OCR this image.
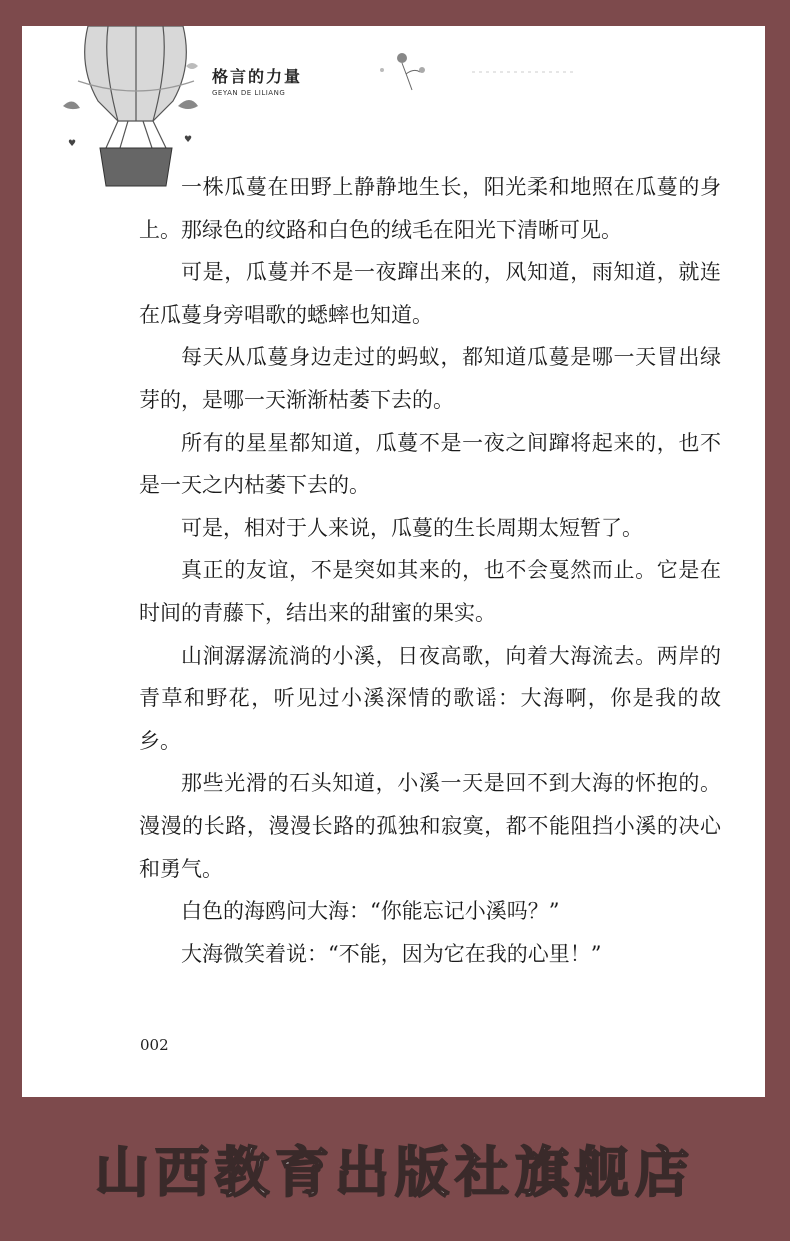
♥	♥
格言的力量
GEYAN DE LILIANG

一株瓜蔓在田野上静静地生长，阳光柔和地照在瓜蔓的身上。那绿色的纹路和白色的绒毛在阳光下清晰可见。

可是，瓜蔓并不是一夜蹿出来的，风知道，雨知道，就连在瓜蔓身旁唱歌的蟋蟀也知道。

每天从瓜蔓身边走过的蚂蚁，都知道瓜蔓是哪一天冒出绿芽的，是哪一天渐渐枯萎下去的。

所有的星星都知道，瓜蔓不是一夜之间蹿将起来的，也不是一天之内枯萎下去的。

可是，相对于人来说，瓜蔓的生长周期太短暂了。

真正的友谊，不是突如其来的，也不会戛然而止。它是在时间的青藤下，结出来的甜蜜的果实。

山涧潺潺流淌的小溪，日夜高歌，向着大海流去。两岸的青草和野花，听见过小溪深情的歌谣：大海啊，你是我的故乡。

那些光滑的石头知道，小溪一天是回不到大海的怀抱的。漫漫的长路，漫漫长路的孤独和寂寞，都不能阻挡小溪的决心和勇气。

白色的海鸥问大海：“你能忘记小溪吗？”

大海微笑着说：“不能，因为它在我的心里！”

002
山西教育出版社旗舰店
